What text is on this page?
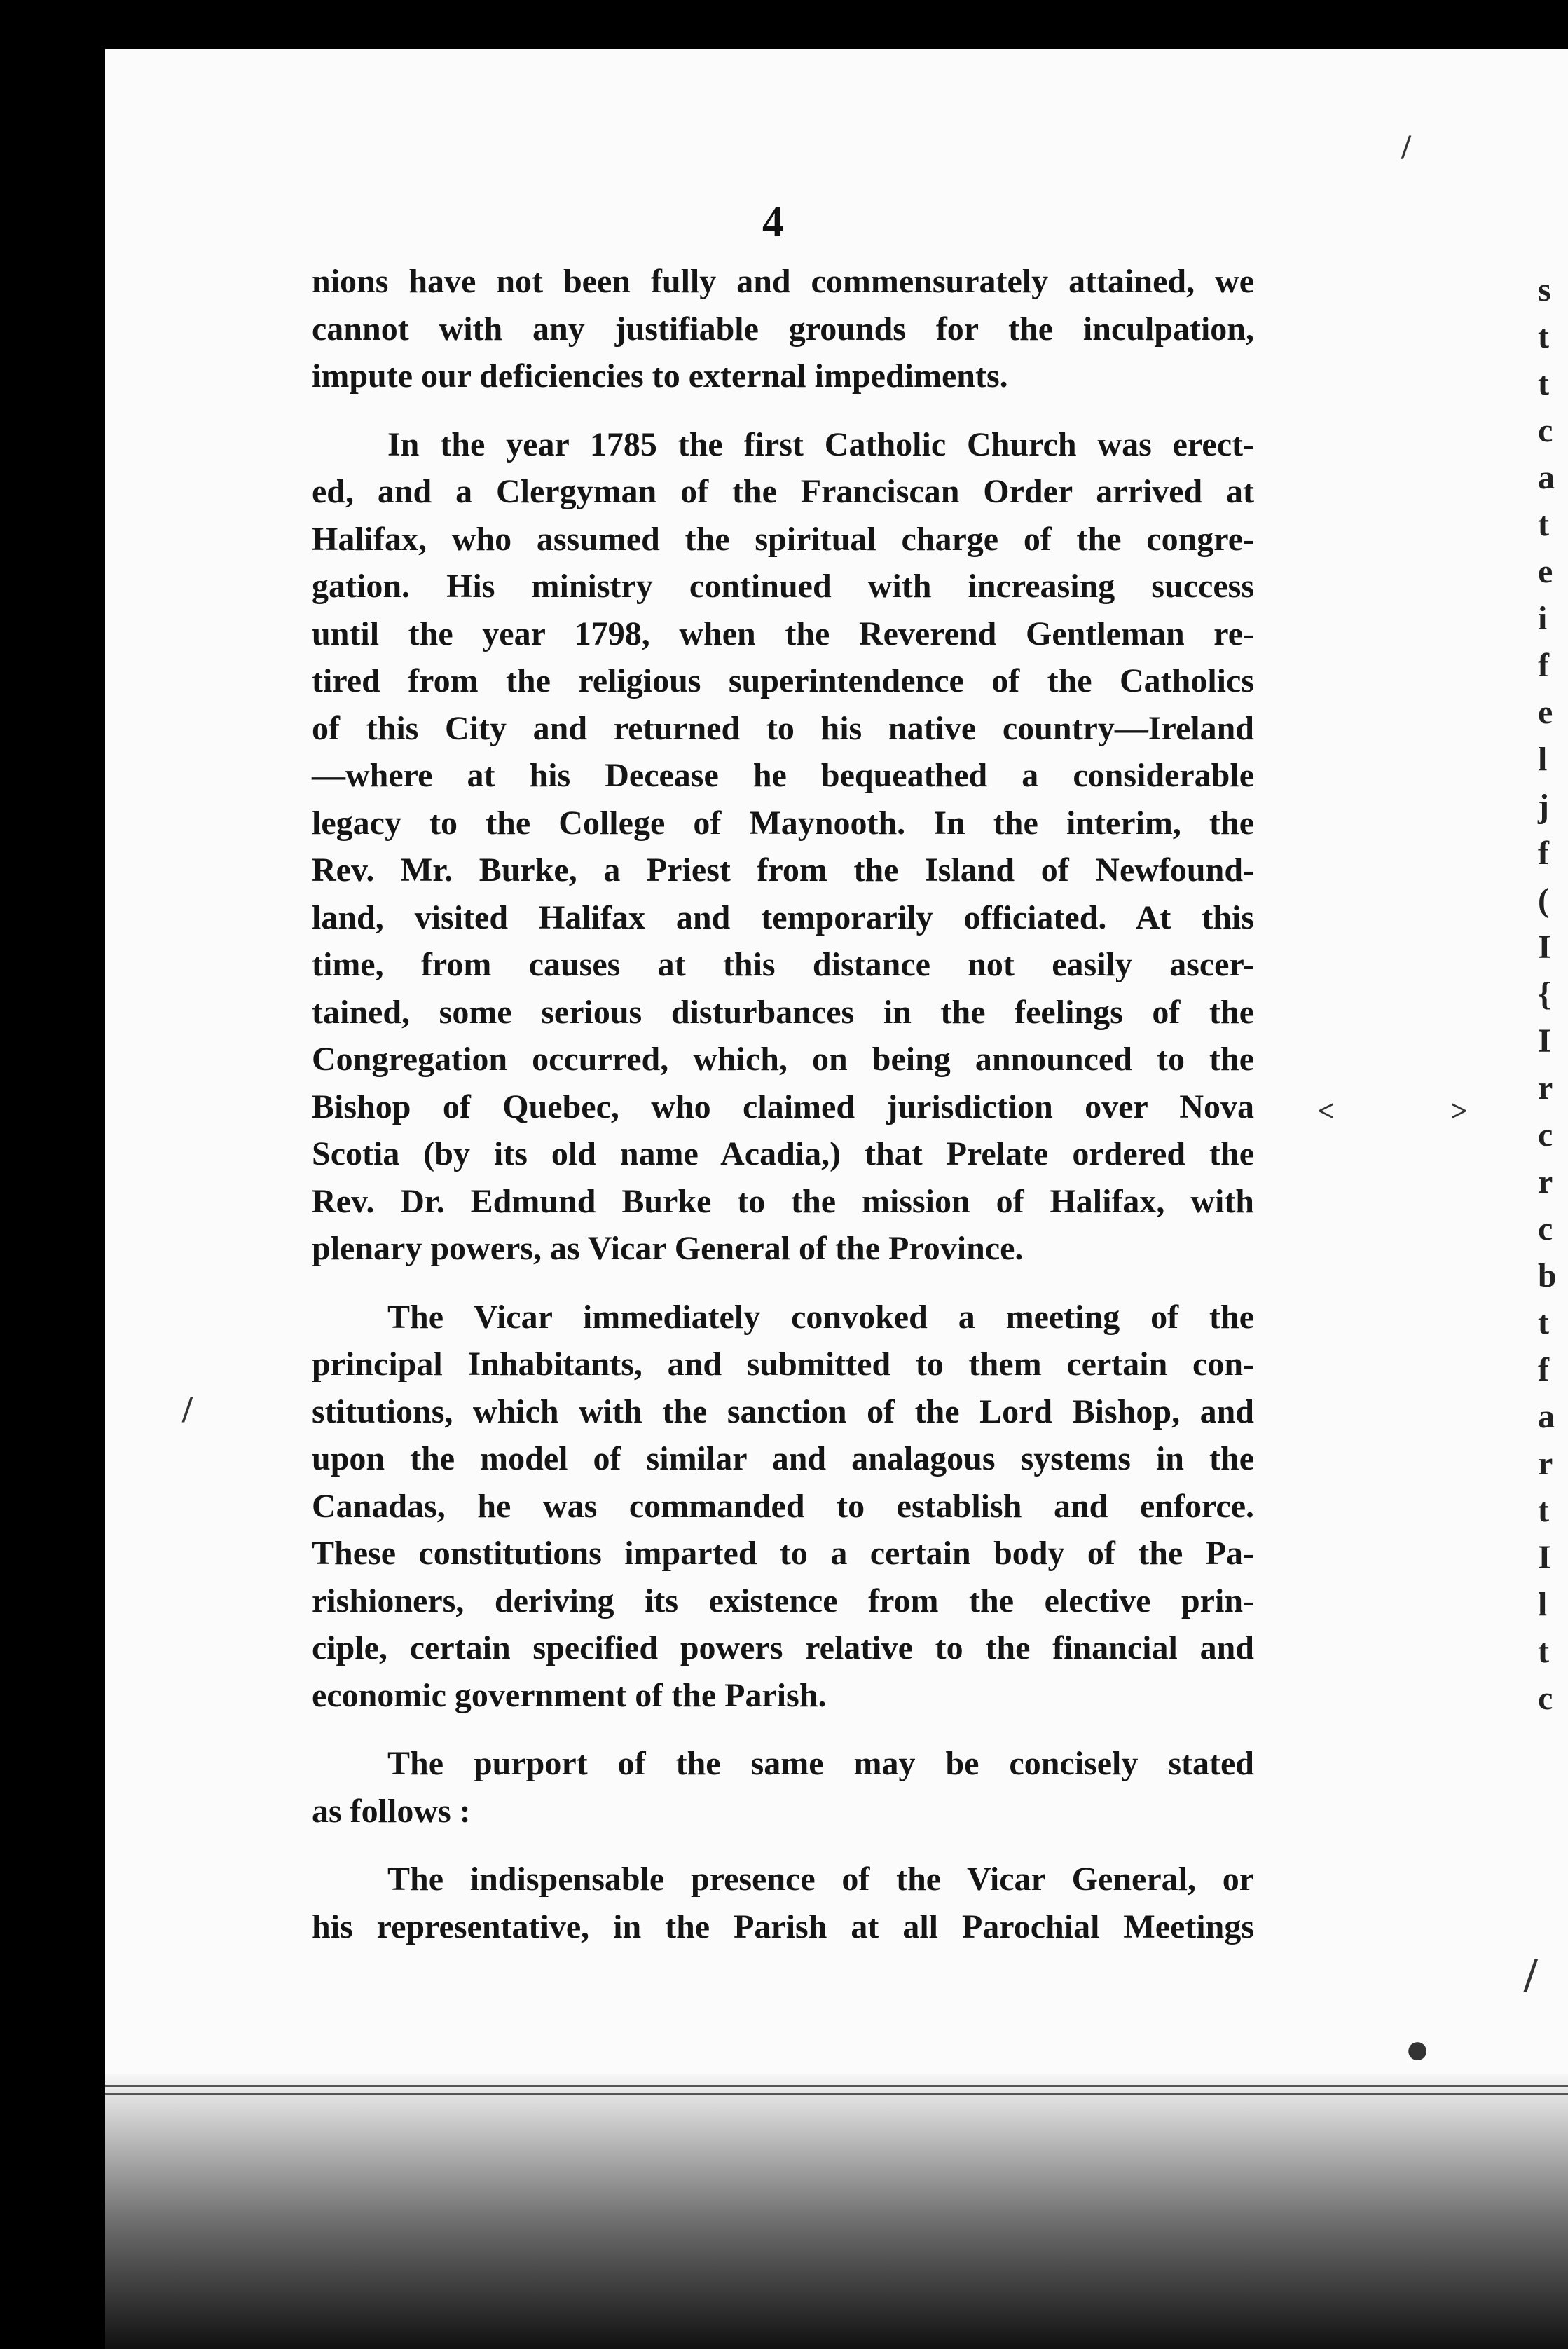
4
nions have not been fully and commensurately attained, we
cannot with any justifiable grounds for the inculpation,
impute our deficiencies to external impediments.
In the year 1785 the first Catholic Church was erect-
ed, and a Clergyman of the Franciscan Order arrived at
Halifax, who assumed the spiritual charge of the congre-
gation. His ministry continued with increasing success
until the year 1798, when the Reverend Gentleman re-
tired from the religious superintendence of the Catholics
of this City and returned to his native country—Ireland
—where at his Decease he bequeathed a considerable
legacy to the College of Maynooth. In the interim, the
Rev. Mr. Burke, a Priest from the Island of Newfound-
land, visited Halifax and temporarily officiated. At this
time, from causes at this distance not easily ascer-
tained, some serious disturbances in the feelings of the
Congregation occurred, which, on being announced to the
Bishop of Quebec, who claimed jurisdiction over Nova
Scotia (by its old name Acadia,) that Prelate ordered the
Rev. Dr. Edmund Burke to the mission of Halifax, with
plenary powers, as Vicar General of the Province.
The Vicar immediately convoked a meeting of the
principal Inhabitants, and submitted to them certain con-
stitutions, which with the sanction of the Lord Bishop, and
upon the model of similar and analagous systems in the
Canadas, he was commanded to establish and enforce.
These constitutions imparted to a certain body of the Pa-
rishioners, deriving its existence from the elective prin-
ciple, certain specified powers relative to the financial and
economic government of the Parish.
The purport of the same may be concisely stated
as follows :
The indispensable presence of the Vicar General, or
his representative, in the Parish at all Parochial Meetings
s
t
t
c
a
t
e
i
f
e
l
j
f
(
I
{
I
r
c
r
c
b
t
f
a
r
t
I
l
t
c
/
<	>
/
●
/
